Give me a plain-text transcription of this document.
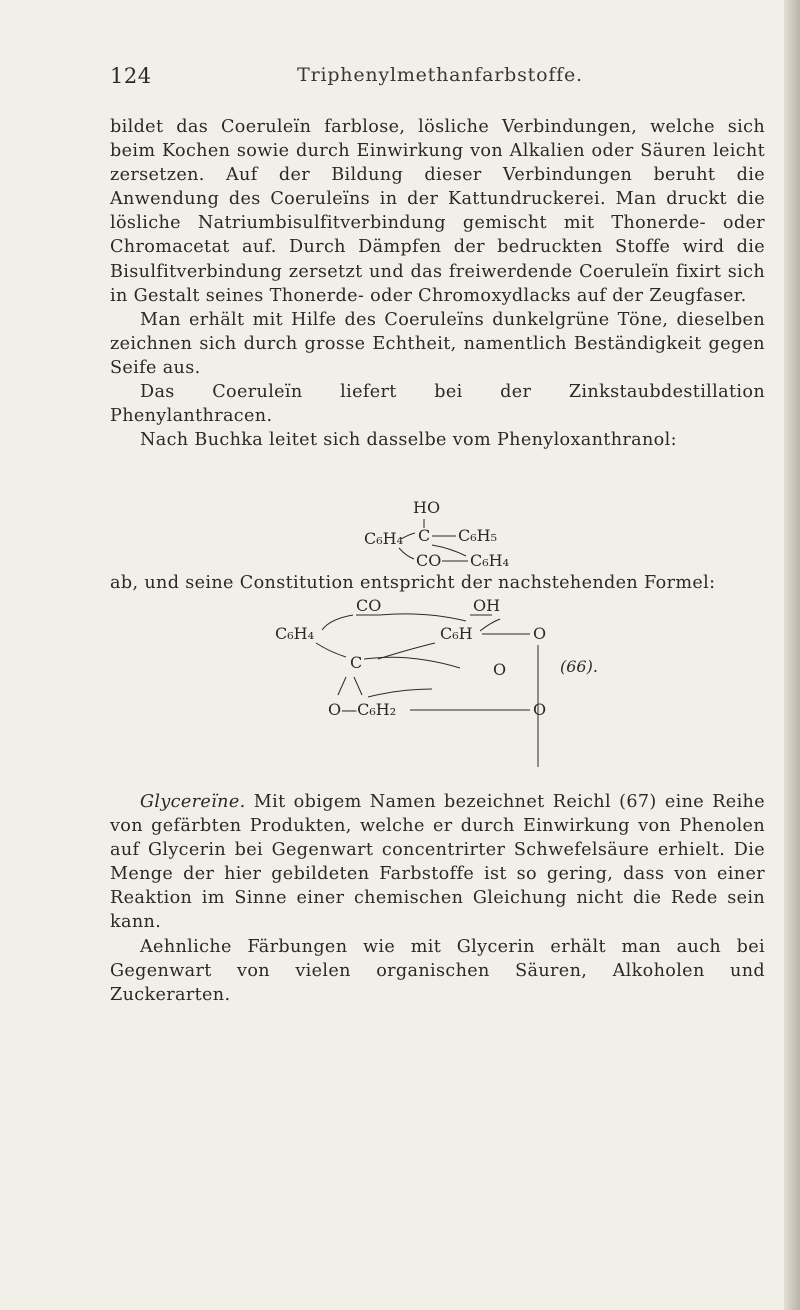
124	Triphenylmethanfarbstoffe.

bildet das Coeruleïn farblose, lösliche Verbindungen, welche sich beim Kochen sowie durch Einwirkung von Alkalien oder Säuren leicht zersetzen. Auf der Bildung dieser Verbindungen beruht die Anwendung des Coeruleïns in der Kattundruckerei. Man druckt die lösliche Natriumbisulfitverbindung gemischt mit Thonerde- oder Chromacetat auf. Durch Dämpfen der bedruckten Stoffe wird die Bisulfitverbindung zersetzt und das freiwerdende Coeruleïn fixirt sich in Gestalt seines Thonerde- oder Chromoxydlacks auf der Zeugfaser.

Man erhält mit Hilfe des Coeruleïns dunkelgrüne Töne, dieselben zeichnen sich durch grosse Echtheit, namentlich Beständigkeit gegen Seife aus.

Das Coeruleïn liefert bei der Zinkstaubdestillation Phenylanthracen.

Nach Buchka leitet sich dasselbe vom Phenyloxanthranol:

HO
C₆H₄ C C₆H₅
CO C₆H₄
ab, und seine Constitution entspricht der nachstehenden Formel:
CO	OH
C₆H₄	C₆H	O
C	O
O—C₆H₂	O
(66).

Glycereïne. Mit obigem Namen bezeichnet Reichl (67) eine Reihe von gefärbten Produkten, welche er durch Einwirkung von Phenolen auf Glycerin bei Gegenwart concentrirter Schwefelsäure erhielt. Die Menge der hier gebildeten Farbstoffe ist so gering, dass von einer Reaktion im Sinne einer chemischen Gleichung nicht die Rede sein kann.

Aehnliche Färbungen wie mit Glycerin erhält man auch bei Gegenwart von vielen organischen Säuren, Alkoholen und Zuckerarten.
